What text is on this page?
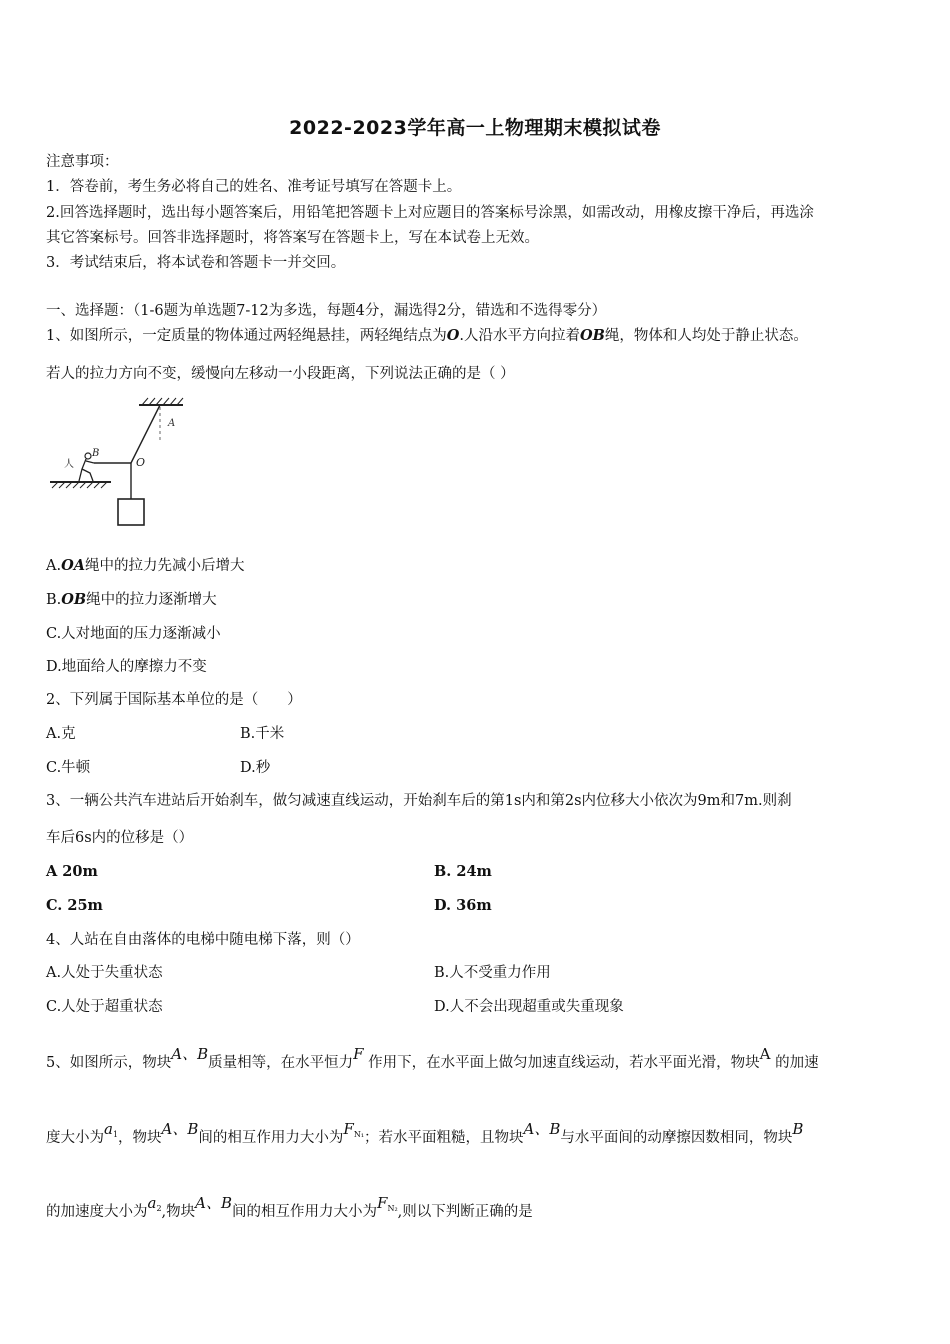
2022-2023学年高一上物理期末模拟试卷
注意事项：
1．答卷前，考生务必将自己的姓名、准考证号填写在答题卡上。
2.回答选择题时，选出每小题答案后，用铅笔把答题卡上对应题目的答案标号涂黑，如需改动，用橡皮擦干净后，再选涂
其它答案标号。回答非选择题时，将答案写在答题卡上，写在本试卷上无效。
3．考试结束后，将本试卷和答题卡一并交回。
一、选择题：（1-6题为单选题7-12为多选，每题4分，漏选得2分，错选和不选得零分）
1、如图所示，一定质量的物体通过两轻绳悬挂，两轻绳结点为O.人沿水平方向拉着OB绳，物体和人均处于静止状态。
若人的拉力方向不变，缓慢向左移动一小段距离，下列说法正确的是（ ）
A
O
B
人
A.OA绳中的拉力先减小后增大
B.OB绳中的拉力逐渐增大
C.人对地面的压力逐渐减小
D.地面给人的摩擦力不变
2、下列属于国际基本单位的是（　　）
A.克	B.千米
C.牛顿	D.秒
3、一辆公共汽车进站后开始刹车，做匀减速直线运动，开始刹车后的第1s内和第2s内位移大小依次为9m和7m.则刹
车后6s内的位移是（）
A 20m	B. 24m
C. 25m	D. 36m
4、人站在自由落体的电梯中随电梯下落，则（）
A.人处于失重状态	B.人不受重力作用
C.人处于超重状态	D.人不会出现超重或失重现象
5、如图所示，物块A、B质量相等，在水平恒力F 作用下，在水平面上做匀加速直线运动，若水平面光滑，物块A 的加速
度大小为$a_1$，物块A、B间的相互作用力大小为$F_{N_1}$；若水平面粗糙，且物块A、B与水平面间的动摩擦因数相同，物块B
的加速度大小为$a_2$,物块A、B间的相互作用力大小为$F_{N_2}$,则以下判断正确的是
